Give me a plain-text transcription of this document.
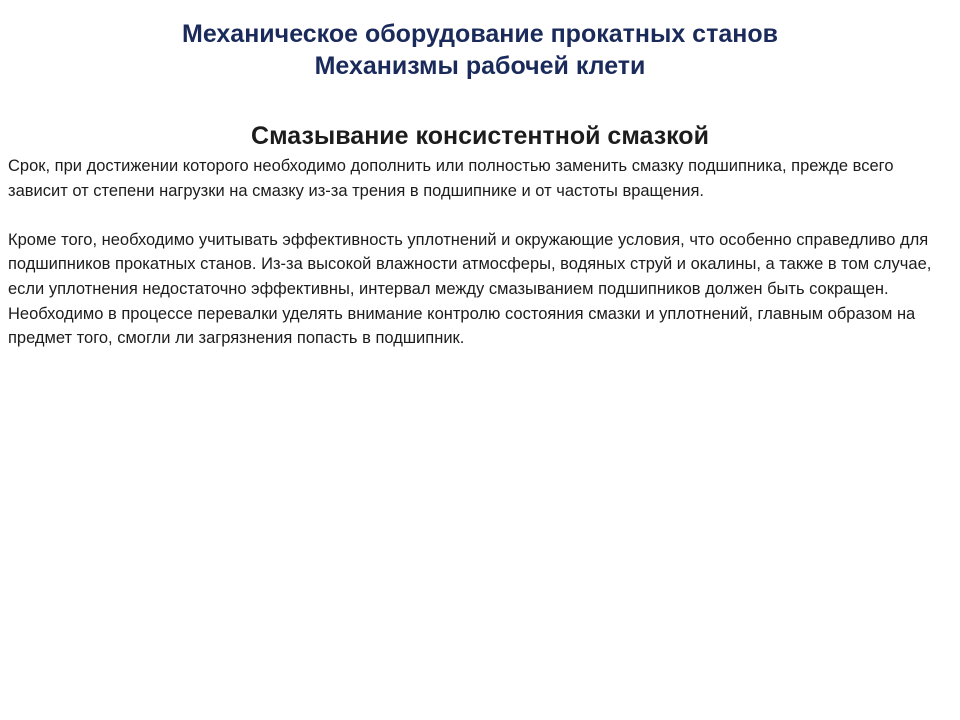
Механическое оборудование прокатных станов
Механизмы рабочей клети
Смазывание консистентной смазкой

Срок, при достижении которого необходимо дополнить или полностью заменить смазку подшипника, прежде всего зависит от степени нагрузки на смазку из-за трения в подшипнике и от частоты вращения.

Кроме того, необходимо учитывать эффективность уплотнений и окружающие условия, что особенно справедливо для подшипников прокатных станов. Из-за высокой влажности атмосферы, водяных струй и окалины, а также в том случае, если уплотнения недостаточно эффективны, интервал между смазыванием подшипников должен быть сокращен. Необходимо в процессе перевалки уделять внимание контролю состояния смазки и уплотнений, главным образом на предмет того, смогли ли загрязнения попасть в подшипник.
